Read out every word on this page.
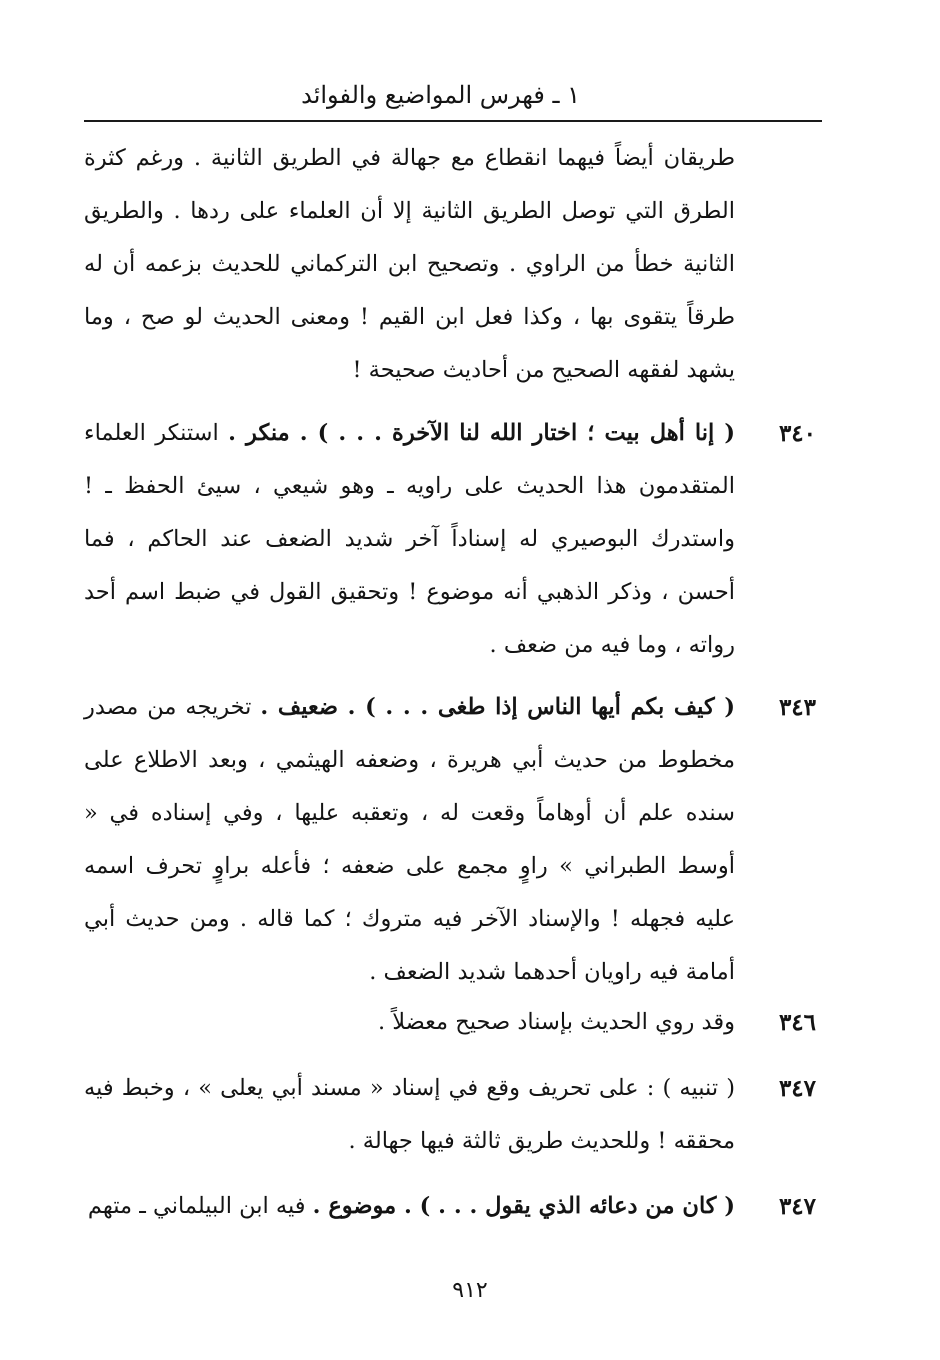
١ ـ فهرس المواضيع والفوائد
طريقان أيضاً فيهما انقطاع مع جهالة في الطريق الثانية . ورغم كثرة الطرق التي توصل الطريق الثانية إلا أن العلماء على ردها . والطريق الثانية خطأ من الراوي . وتصحيح ابن التركماني للحديث بزعمه أن له طرقاً يتقوى بها ، وكذا فعل ابن القيم ! ومعنى الحديث لو صح ، وما يشهد لفقهه الصحيح من أحاديث صحيحة !
٣٤٠
( إنا أهل بيت ؛ اختار الله لنا الآخرة . . . ) . منكر . استنكر العلماء المتقدمون هذا الحديث على راويه ـ وهو شيعي ، سيئ الحفظ ـ ! واستدرك البوصيري له إسناداً آخر شديد الضعف عند الحاكم ، فما أحسن ، وذكر الذهبي أنه موضوع ! وتحقيق القول في ضبط اسم أحد رواته ، وما فيه من ضعف .
٣٤٣
( كيف بكم أيها الناس إذا طغى . . . ) . ضعيف . تخريجه من مصدر مخطوط من حديث أبي هريرة ، وضعفه الهيثمي ، وبعد الاطلاع على سنده علم أن أوهاماً وقعت له ، وتعقبه عليها ، وفي إسناده في « أوسط الطبراني » راوٍ مجمع على ضعفه ؛ فأعله براوٍ تحرف اسمه عليه فجهله ! والإسناد الآخر فيه متروك ؛ كما قاله . ومن حديث أبي أمامة فيه راويان أحدهما شديد الضعف .
٣٤٦
وقد روي الحديث بإسناد صحيح معضلاً .
٣٤٧
( تنبيه ) : على تحريف وقع في إسناد « مسند أبي يعلى » ، وخبط فيه محققه ! وللحديث طريق ثالثة فيها جهالة .
٣٤٧
( كان من دعائه الذي يقول . . . ) . موضوع . فيه ابن البيلماني ـ متهم
٩١٢
